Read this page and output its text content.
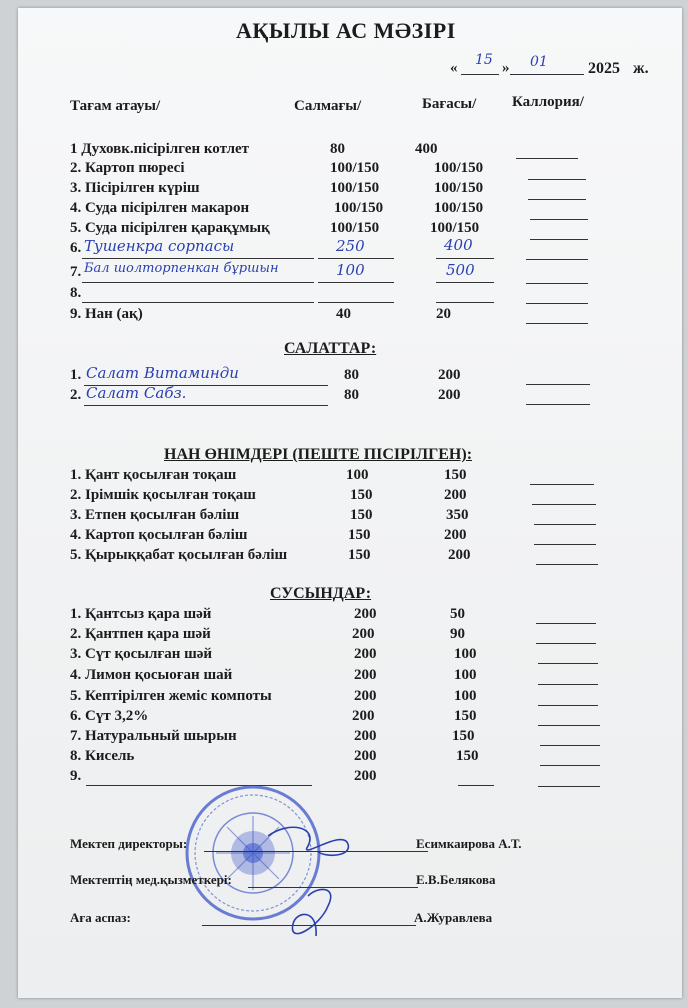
АҚЫЛЫ АС МӘЗІРІ
« 15 » 01	2025 ж.
Тағам атауы/	Салмағы/	Бағасы/ Каллория/
1 Духовк.пісірілген котлет	80	400
2. Картоп пюресі	100/150	100/150
3. Пісірілген күріш	100/150	100/150
4. Суда пісірілген макарон	100/150	100/150
5. Суда пісірілген қарақұмық	100/150	100/150
6. Тушенкра сорпасы	250	400
7. Бал шолторпенкан бұршын	100	500
8.
9. Нан (ақ)	40	20
САЛАТТАР:
1. Салат Витаминди	80	200
2. Салат Сабз.	80	200
НАН ӨНІМДЕРІ (ПЕШТЕ ПІСІРІЛГЕН):
1. Қант қосылған тоқаш	100	150
2. Ірімшік қосылған тоқаш	150	200
3. Етпен қосылған бәліш	150	350
4. Картоп қосылған бәліш	150	200
5. Қырыққабат қосылған бәліш	150	200
СУСЫНДАР:
1. Қантсыз қара шәй	200	50
2. Қантпен қара шәй	200	90
3. Сүт қосылған шәй	200	100
4. Лимон қосыоған шай	200	100
5. Кептірілген жеміс компоты	200	100
6. Сүт 3,2%	200	150
7. Натуральный шырын	200	150
8. Кисель	200	150
9.	200
Мектеп директоры:	Есимкаирова А.Т.
Мектептің мед.қызметкері:	Е.В.Белякова
Аға аспаз:	А.Журавлева
